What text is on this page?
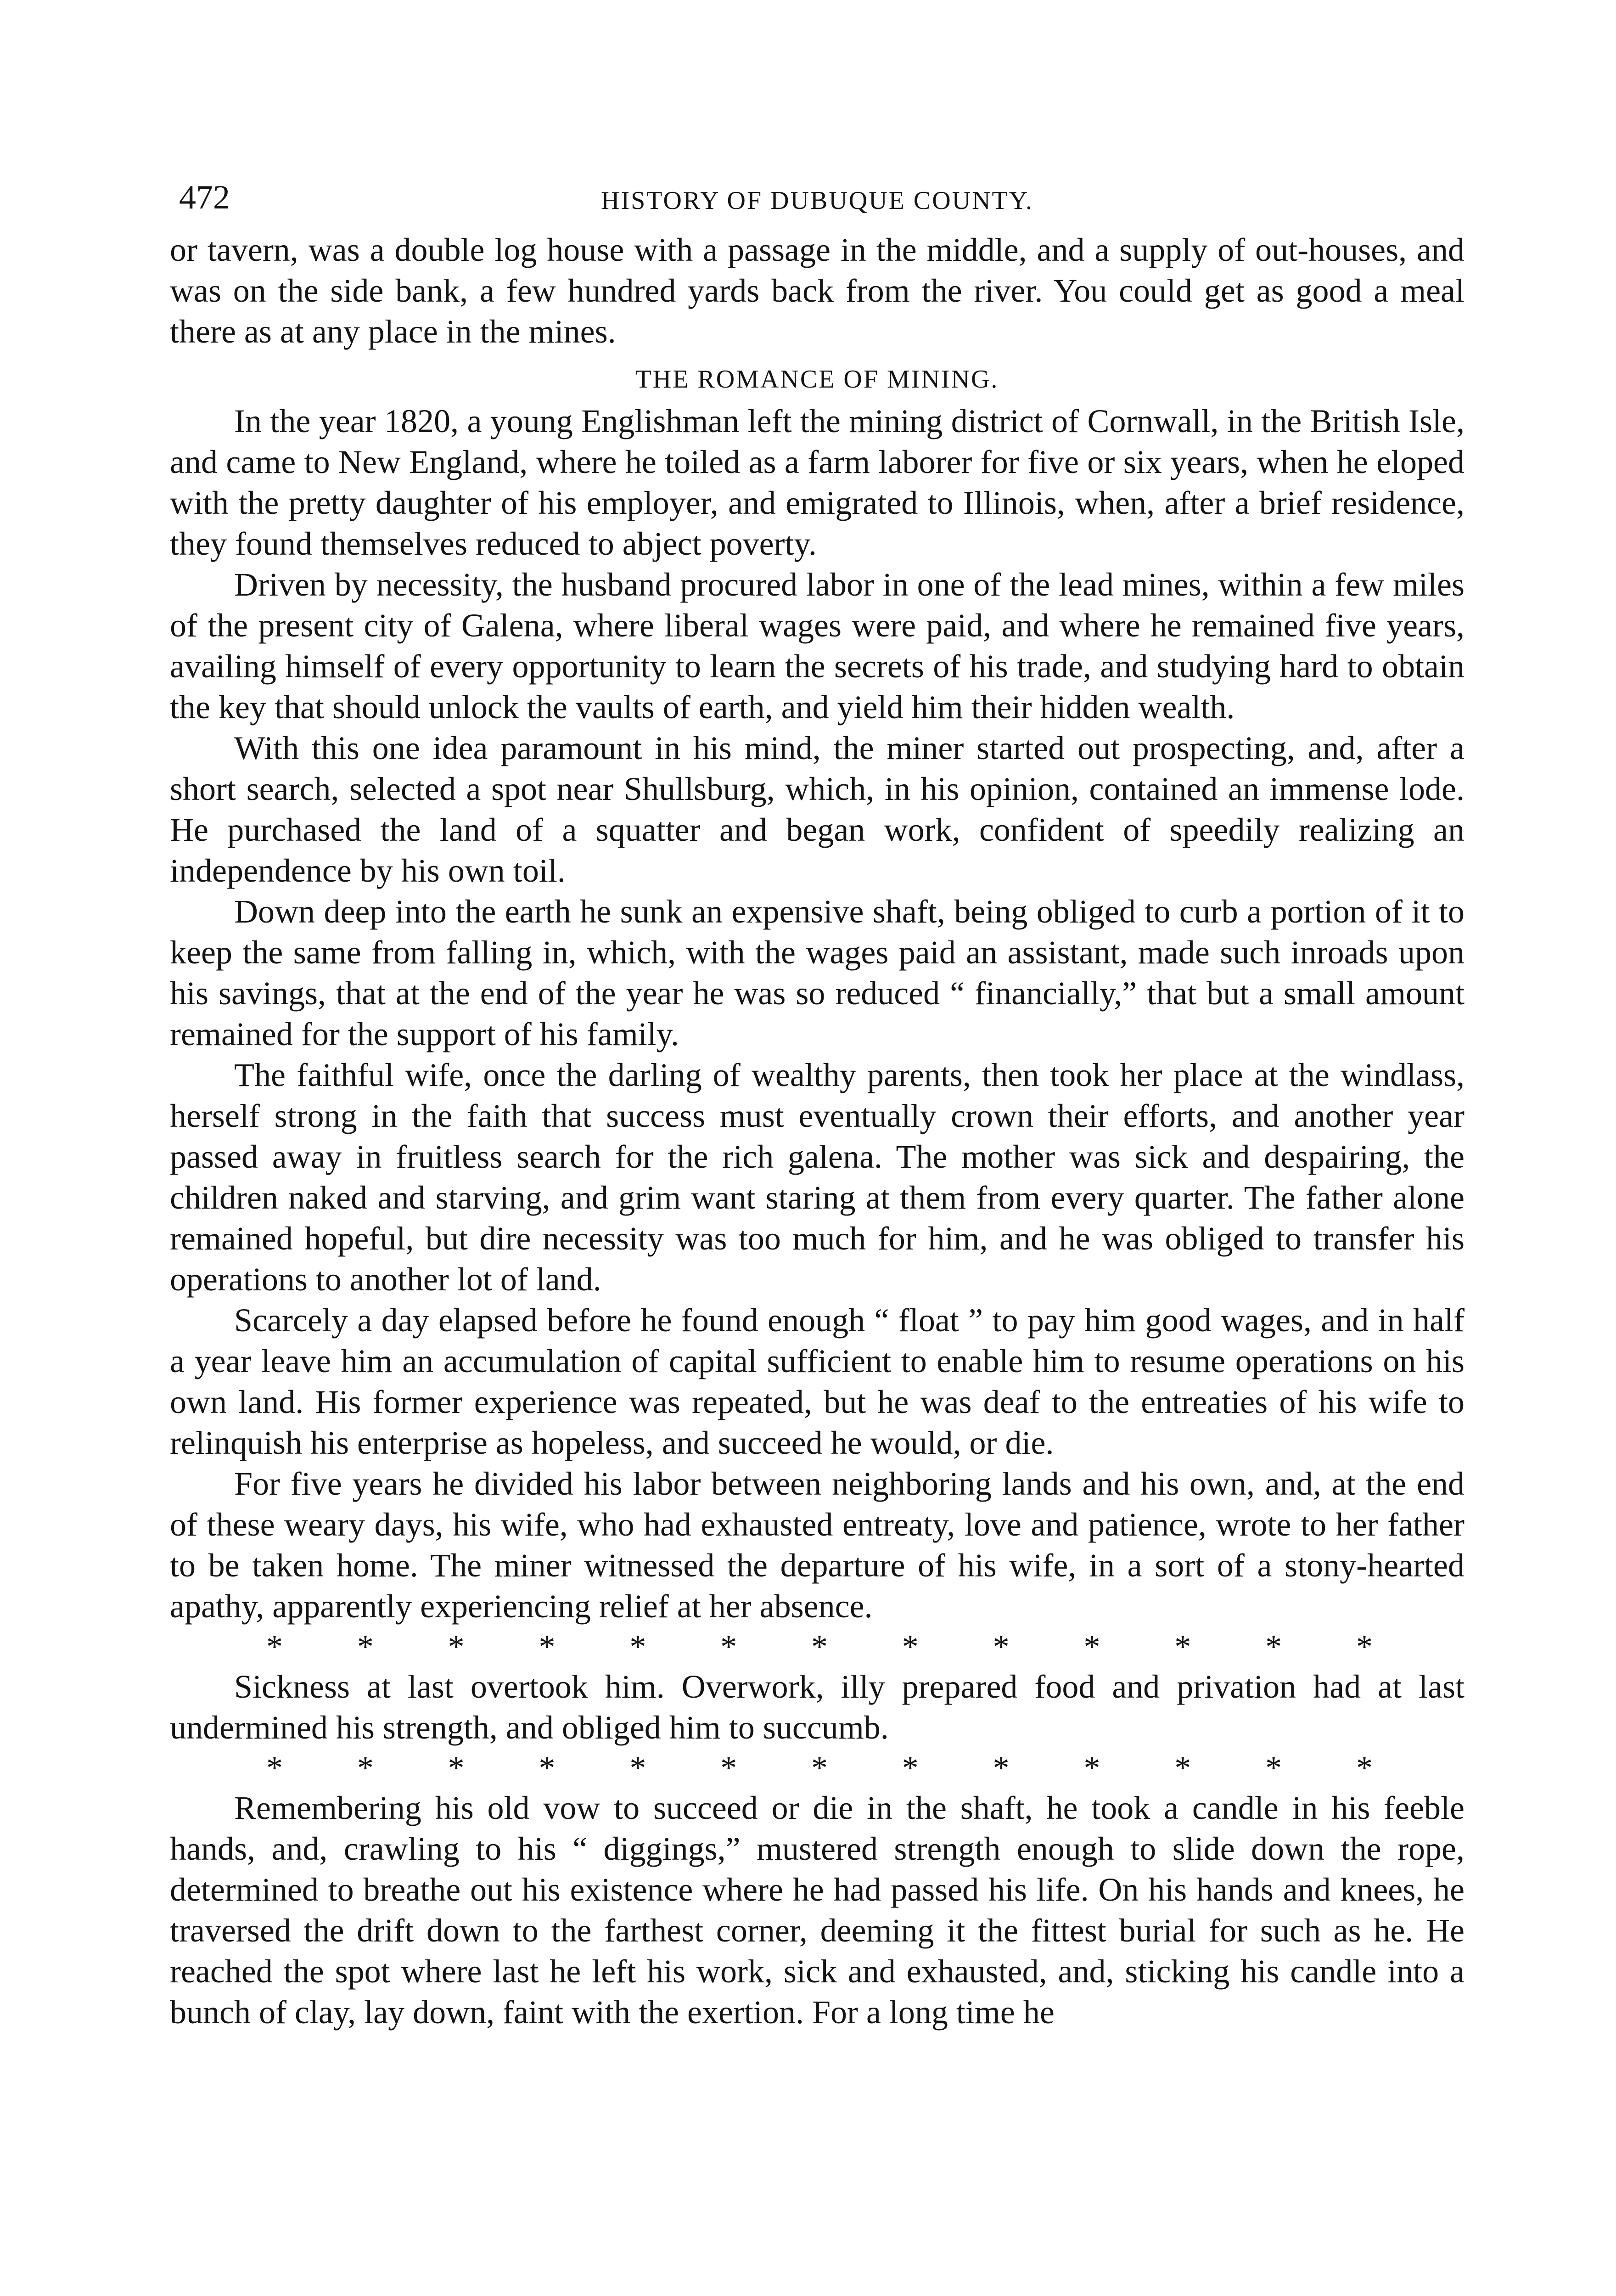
472	HISTORY OF DUBUQUE COUNTY.

or tavern, was a double log house with a passage in the middle, and a supply of out-houses, and was on the side bank, a few hundred yards back from the river. You could get as good a meal there as at any place in the mines.

THE ROMANCE OF MINING.

In the year 1820, a young Englishman left the mining district of Cornwall, in the British Isle, and came to New England, where he toiled as a farm laborer for five or six years, when he eloped with the pretty daughter of his employer, and emigrated to Illinois, when, after a brief residence, they found themselves reduced to abject poverty.

Driven by necessity, the husband procured labor in one of the lead mines, within a few miles of the present city of Galena, where liberal wages were paid, and where he remained five years, availing himself of every opportunity to learn the secrets of his trade, and studying hard to obtain the key that should unlock the vaults of earth, and yield him their hidden wealth.

With this one idea paramount in his mind, the miner started out prospecting, and, after a short search, selected a spot near Shullsburg, which, in his opinion, contained an immense lode. He purchased the land of a squatter and began work, confident of speedily realizing an independence by his own toil.

Down deep into the earth he sunk an expensive shaft, being obliged to curb a portion of it to keep the same from falling in, which, with the wages paid an assistant, made such inroads upon his savings, that at the end of the year he was so reduced “ financially,” that but a small amount remained for the support of his family.

The faithful wife, once the darling of wealthy parents, then took her place at the windlass, herself strong in the faith that success must eventually crown their efforts, and another year passed away in fruitless search for the rich galena. The mother was sick and despairing, the children naked and starving, and grim want staring at them from every quarter. The father alone remained hopeful, but dire necessity was too much for him, and he was obliged to transfer his operations to another lot of land.

Scarcely a day elapsed before he found enough “ float ” to pay him good wages, and in half a year leave him an accumulation of capital sufficient to enable him to resume operations on his own land. His former experience was repeated, but he was deaf to the entreaties of his wife to relinquish his enterprise as hopeless, and succeed he would, or die.

For five years he divided his labor between neighboring lands and his own, and, at the end of these weary days, his wife, who had exhausted entreaty, love and patience, wrote to her father to be taken home. The miner witnessed the departure of his wife, in a sort of a stony-hearted apathy, apparently experiencing relief at her absence.

* * * * * * * * * * * * *

Sickness at last overtook him. Overwork, illy prepared food and privation had at last undermined his strength, and obliged him to succumb.

* * * * * * * * * * * * *

Remembering his old vow to succeed or die in the shaft, he took a candle in his feeble hands, and, crawling to his “ diggings,” mustered strength enough to slide down the rope, determined to breathe out his existence where he had passed his life. On his hands and knees, he traversed the drift down to the farthest corner, deeming it the fittest burial for such as he. He reached the spot where last he left his work, sick and exhausted, and, sticking his candle into a bunch of clay, lay down, faint with the exertion. For a long time he
